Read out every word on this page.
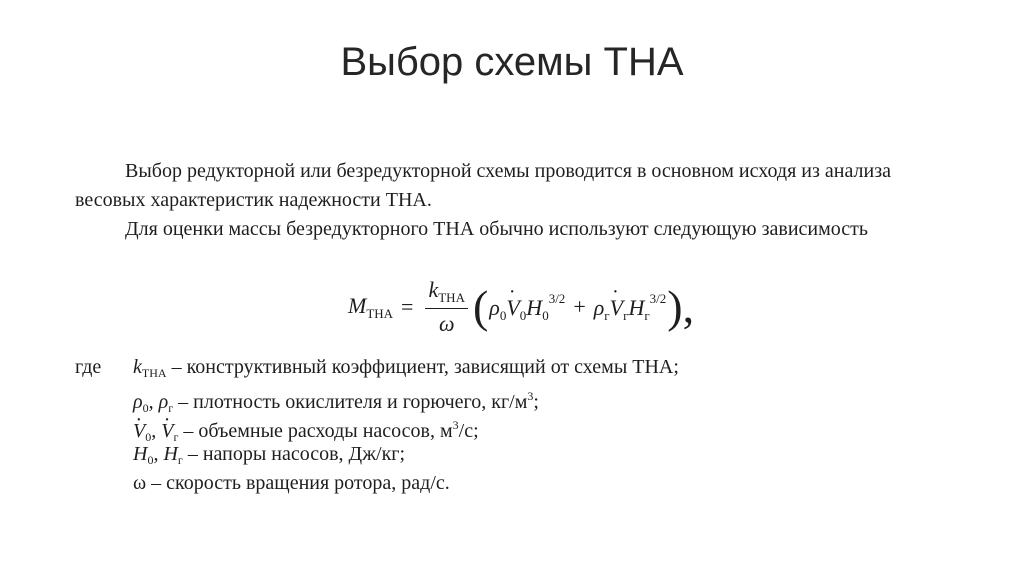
Выбор схемы ТНА
Выбор редукторной или безредукторной схемы проводится в основном исходя из анализа весовых характеристик надежности ТНА.
Для оценки массы безредукторного ТНА обычно используют следующую зависимость
$M_{ТНА} = \frac{k_{ТНА}}{\omega}$ ( $\rho_0\cdot V_0H_0^{3/2} + \rho_г\cdot V_гH_г^{3/2}$ ),
где $k_{ТНА}$ – конструктивный коэффициент, зависящий от схемы ТНА;
$\rho_0$, $\rho_г$ – плотность окислителя и горючего, $кг/м^3$;
· $V_0$, · $V_г$ – объемные расходы насосов, $м^3/с$;
$H_0$, $H_г$ – напоры насосов, Дж/кг;
ω – скорость вращения ротора, рад/с.
